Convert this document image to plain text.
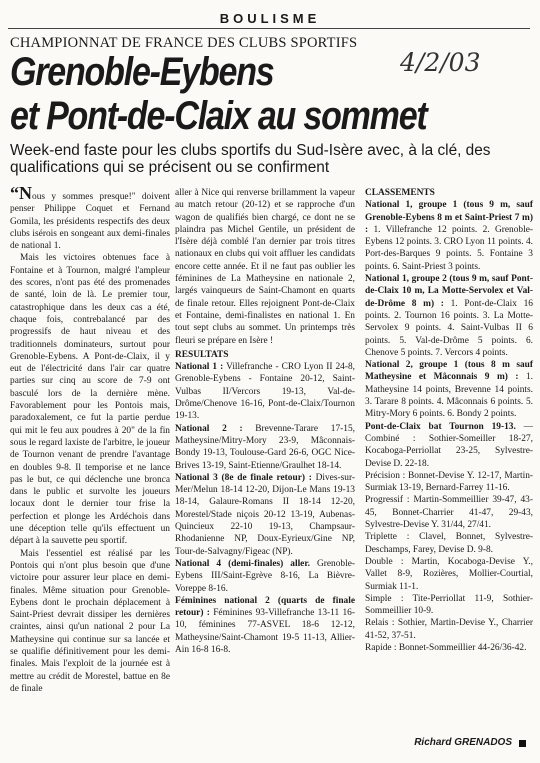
BOULISME
CHAMPIONNAT DE FRANCE DES CLUBS SPORTIFS
4/2/03
Grenoble-Eybens
et Pont-de-Claix au sommet
Week-end faste pour les clubs sportifs du Sud-Isère avec, à la clé, des qualifications qui se précisent ou se confirment

“Nous y sommes presque!" doivent penser Philippe Coquet et Fernand Gomila, les présidents respectifs des deux clubs isérois en songeant aux demi-finales de national 1.

Mais les victoires obtenues face à Fontaine et à Tournon, malgré l'ampleur des scores, n'ont pas été des promenades de santé, loin de là. Le premier tour, catastrophique dans les deux cas a été, chaque fois, contrebalancé par des progressifs de haut niveau et des traditionnels dominateurs, surtout pour Grenoble-Eybens. A Pont-de-Claix, il y eut de l'électricité dans l'air car quatre parties sur cinq au score de 7-9 ont basculé lors de la dernière mène. Favorablement pour les Pontois mais, paradoxalement, ce fut la partie perdue qui mit le feu aux poudres à 20" de la fin sous le regard laxiste de l'arbitre, le joueur de Tournon venant de prendre l'avantage en doubles 9-8. Il temporise et ne lance pas le but, ce qui déclenche une bronca dans le public et survolte les joueurs locaux dont le dernier tour frise la perfection et plonge les Ardéchois dans une déception telle qu'ils effectuent un départ à la sauvette peu sportif.

Mais l'essentiel est réalisé par les Pontois qui n'ont plus besoin que d'une victoire pour assurer leur place en demi-finales. Même situation pour Grenoble-Eybens dont le prochain déplacement à Saint-Priest devrait dissiper les dernières craintes, ainsi qu'un national 2 pour La Matheysine qui continue sur sa lancée et se qualifie définitivement pour les demi-finales. Mais l'exploit de la journée est à mettre au crédit de Morestel, battue en 8e de finale

aller à Nice qui renverse brillamment la vapeur au match retour (20-12) et se rapproche d'un wagon de qualifiés bien chargé, ce dont ne se plaindra pas Michel Gentile, un président de l'Isère déjà comblé l'an dernier par trois titres nationaux en clubs qui voit affluer les candidats encore cette année. Et il ne faut pas oublier les féminines de La Matheysine en nationale 2, largés vainqueurs de Saint-Chamont en quarts de finale retour. Elles rejoignent Pont-de-Claix et Fontaine, demi-finalistes en national 1. En tout sept clubs au sommet. Un printemps très fleuri se prépare en Isère !

RESULTATS

National 1 : Villefranche - CRO Lyon II 24-8, Grenoble-Eybens - Fontaine 20-12, Saint-Vulbas II/Vercors 19-13, Val-de-Drôme/Chenove 16-16, Pont-de-Claix/Tournon 19-13.

National 2 : Brevenne-Tarare 17-15, Matheysine/Mitry-Mory 23-9, Mâconnais-Bondy 19-13, Toulouse-Gard 26-6, OGC Nice-Brives 13-19, Saint-Etienne/Graulhet 18-14.

National 3 (8e de finale retour) : Dives-sur-Mer/Melun 18-14 12-20, Dijon-Le Mans 19-13 18-14, Galaure-Romans II 18-14 12-20, Morestel/Stade niçois 20-12 13-19, Aubenas-Quincieux 22-10 19-13, Champsaur-Rhodanienne NP, Doux-Eyrieux/Gine NP, Tour-de-Salvagny/Figeac (NP).

National 4 (demi-finales) aller. Grenoble-Eybens III/Saint-Egrève 8-16, La Bièvre-Voreppe 8-16.

Féminines national 2 (quarts de finale retour) : Féminines 93-Villefranche 13-11 16-10, féminines 77-ASVEL 18-6 12-12, Matheysine/Saint-Chamont 19-5 11-13, Allier-Ain 16-8 16-8.

CLASSEMENTS

National 1, groupe 1 (tous 9 m, sauf Grenoble-Eybens 8 m et Saint-Priest 7 m) : 1. Villefranche 12 points. 2. Grenoble-Eybens 12 points. 3. CRO Lyon 11 points. 4. Port-des-Barques 9 points. 5. Fontaine 3 points. 6. Saint-Priest 3 points.

National 1, groupe 2 (tous 9 m, sauf Pont-de-Claix 10 m, La Motte-Servolex et Val-de-Drôme 8 m) : 1. Pont-de-Claix 16 points. 2. Tournon 16 points. 3. La Motte-Servolex 9 points. 4. Saint-Vulbas II 6 points. 5. Val-de-Drôme 5 points. 6. Chenove 5 points. 7. Vercors 4 points.

National 2, groupe 1 (tous 8 m sauf Matheysine et Mâconnais 9 m) : 1. Matheysine 14 points, Brevenne 14 points. 3. Tarare 8 points. 4. Mâconnais 6 points. 5. Mitry-Mory 6 points. 6. Bondy 2 points.

Pont-de-Claix bat Tournon 19-13. — Combiné : Sothier-Someiller 18-27, Kocaboga-Perriollat 23-25, Sylvestre-Devise D. 22-18.

Précision : Bonnet-Devise Y. 12-17, Martin-Surmiak 13-19, Bernard-Farrey 11-16.

Progressif : Martin-Sommeillier 39-47, 43-45, Bonnet-Charrier 41-47, 29-43, Sylvestre-Devise Y. 31/44, 27/41.

Triplette : Clavel, Bonnet, Sylvestre-Deschamps, Farey, Devise D. 9-8.

Double : Martin, Kocaboga-Devise Y., Vallet 8-9, Rozières, Mollier-Courtial, Surmiak 11-1.

Simple : Tite-Perriollat 11-9, Sothier-Sommeillier 10-9.

Relais : Sothier, Martin-Devise Y., Charrier 41-52, 37-51.

Rapide : Bonnet-Sommeillier 44-26/36-42.

Richard GRENADOS
